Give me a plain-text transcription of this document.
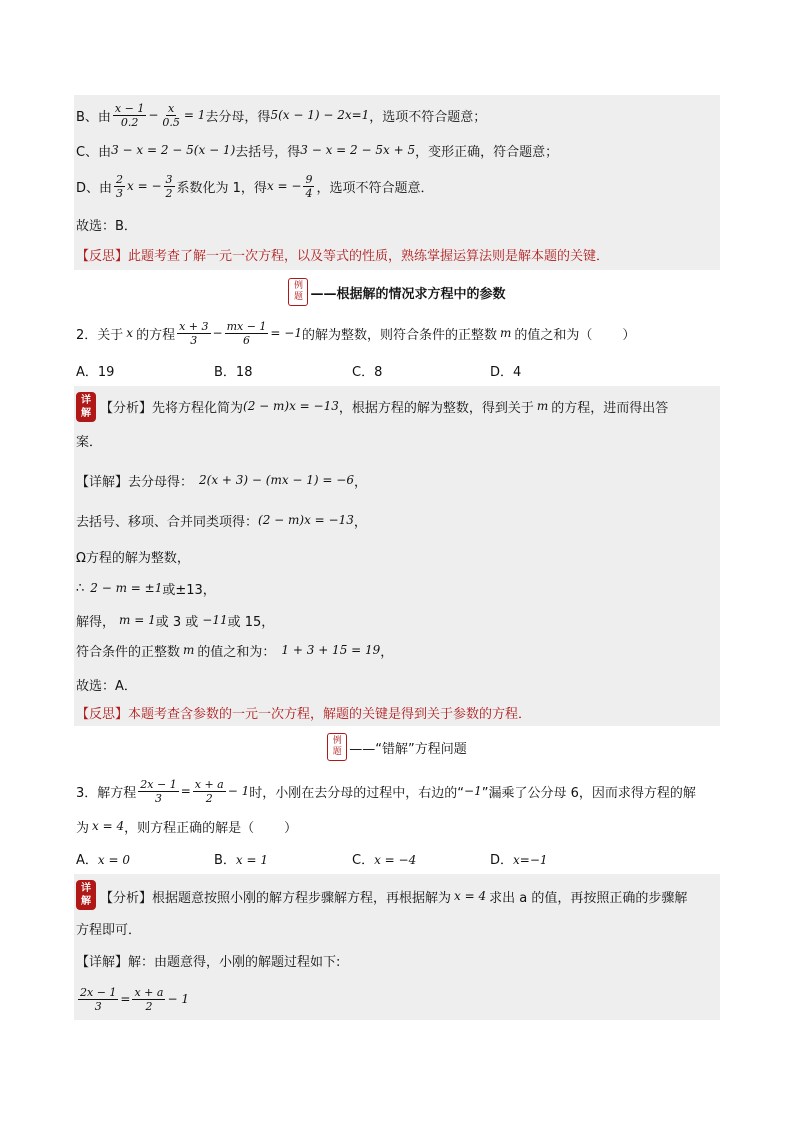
B、由 $\frac{x - 1}{0.2} - \frac{x}{0.5} = 1$ 去分母，得 5(x − 1) − 2x=1 ，选项不符合题意；
C、由 3 − x = 2 − 5(x − 1) 去括号，得 3 − x = 2 − 5x + 5 ，变形正确，符合题意；
D、由 $\frac{2}{3}$ x = − $\frac{3}{2}$ 系数化为 1，得 x = − $\frac{9}{4}$ ，选项不符合题意．
故选：B．
【反思】此题考查了解一元一次方程，以及等式的性质，熟练掌握运算法则是解本题的关键．
例
题 ——根据解的情况求方程中的参数
2．关于 x 的方程 $\frac{x + 3}{3} - \frac{mx - 1}{6} = -1$ 的解为整数，则符合条件的正整数 m 的值之和为（ ）
A．19	B．18	C．8	D．4
详
解 【分析】先将方程化简为 (2 − m)x = −13 ，根据方程的解为整数，得到关于 m 的方程，进而得出答
案．
【详解】去分母得： 2(x + 3) − (mx − 1) = −6 ，
去括号、移项、合并同类项得： (2 − m)x = −13 ，
Ω方程的解为整数，
∴ 2 − m = ±1 或±13，
解得， m = 1 或 3 或 −11 或 15，
符合条件的正整数 m 的值之和为： 1 + 3 + 15 = 19 ，
故选：A．
【反思】本题考查含参数的一元一次方程，解题的关键是得到关于参数的方程．
例
题 ——“错解”方程问题
3．解方程 $\frac{2x - 1}{3} = \frac{x + a}{2} - 1$ 时，小刚在去分母的过程中，右边的“ −1 ”漏乘了公分母 6，因而求得方程的解
为 x = 4 ，则方程正确的解是（ ）
A．x = 0	B．x = 1	C．x = −4	D．x=−1
详
解 【分析】根据题意按照小刚的解方程步骤解方程，再根据解为 x = 4 求出 a 的值，再按照正确的步骤解
方程即可．
【详解】解：由题意得，小刚的解题过程如下:
$\frac{2x - 1}{3} = \frac{x + a}{2} - 1$
